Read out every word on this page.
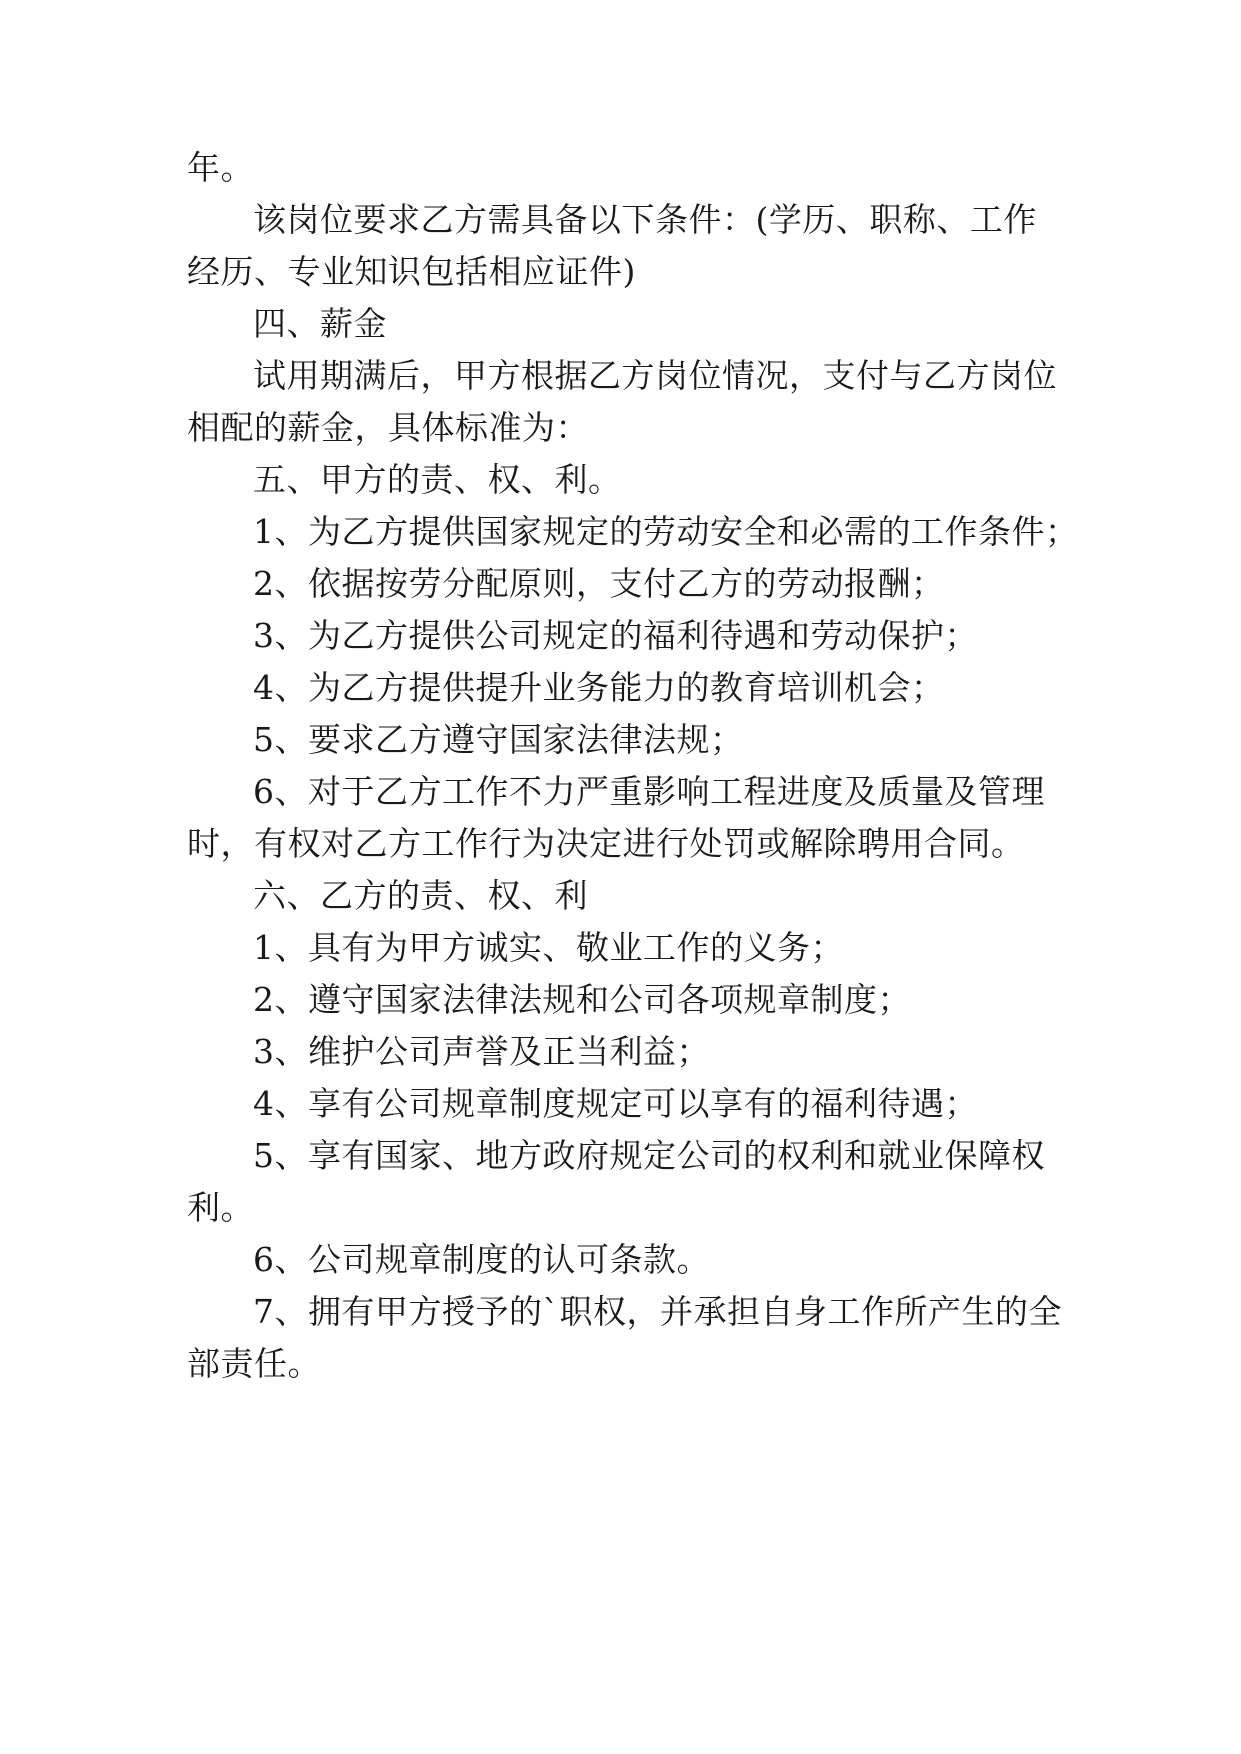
年。
该岗位要求乙方需具备以下条件：(学历、职称、工作
经历、专业知识包括相应证件)
四、薪金
试用期满后，甲方根据乙方岗位情况，支付与乙方岗位
相配的薪金，具体标准为：
五、甲方的责、权、利。
1、为乙方提供国家规定的劳动安全和必需的工作条件；
2、依据按劳分配原则，支付乙方的劳动报酬；
3、为乙方提供公司规定的福利待遇和劳动保护；
4、为乙方提供提升业务能力的教育培训机会；
5、要求乙方遵守国家法律法规；
6、对于乙方工作不力严重影响工程进度及质量及管理
时，有权对乙方工作行为决定进行处罚或解除聘用合同。
六、乙方的责、权、利
1、具有为甲方诚实、敬业工作的义务；
2、遵守国家法律法规和公司各项规章制度；
3、维护公司声誉及正当利益；
4、享有公司规章制度规定可以享有的福利待遇；
5、享有国家、地方政府规定公司的权利和就业保障权
利。
6、公司规章制度的认可条款。
7、拥有甲方授予的`职权，并承担自身工作所产生的全
部责任。
